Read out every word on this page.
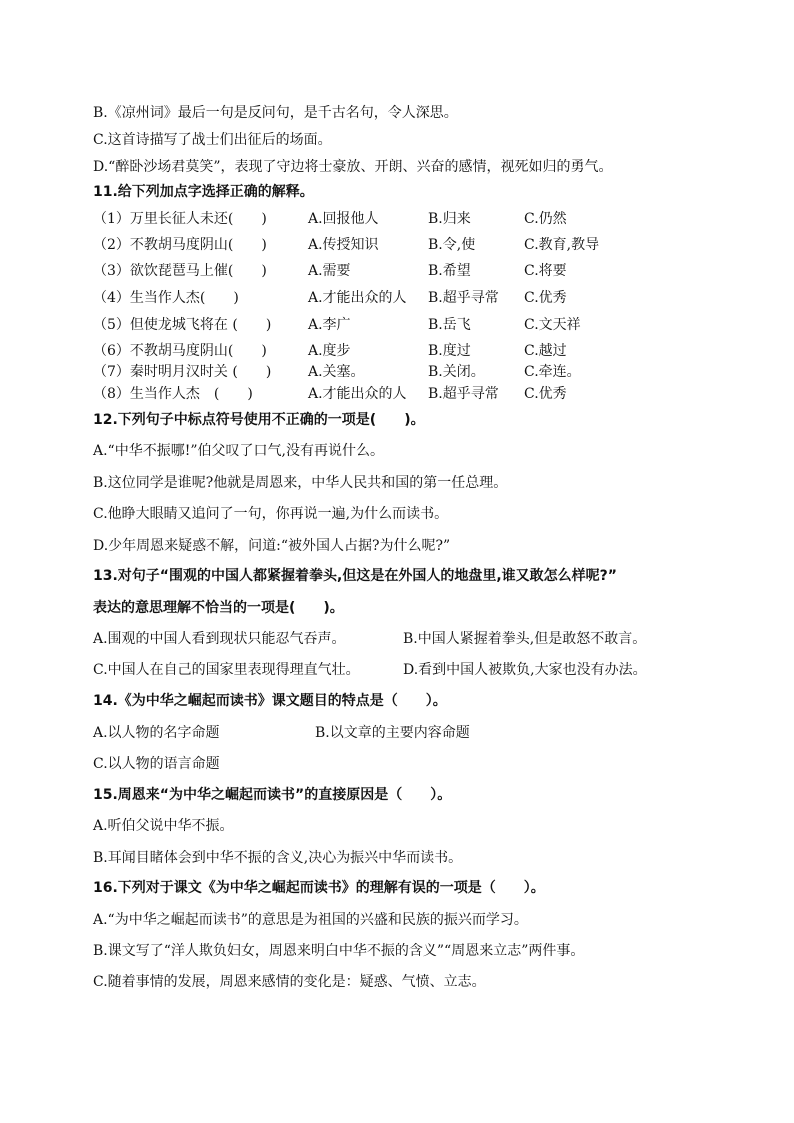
B.《凉州词》最后一句是反问句，是千古名句，令人深思。
C.这首诗描写了战士们出征后的场面。
D.“醉卧沙场君莫笑”，表现了守边将士豪放、开朗、兴奋的感情，视死如归的勇气。
11.给下列加点字选择正确的解释。
（1）万里长征人未还(　　)	A.回报他人	B.归来	C.仍然
（2）不教胡马度阴山(　　)	A.传授知识	B.令,使	C.教育,教导
（3）欲饮琵琶马上催(　　)	A.需要	B.希望	C.将要
（4）生当作人杰(　　)	A.才能出众的人 B.超乎寻常 C.优秀
（5）但使龙城飞将在 (　　)	A.李广	B.岳飞	C.文天祥
（6）不教胡马度阴山(　　)	A.度步	B.度过	C.越过
（7）秦时明月汉时关 (　　)	A.关塞。	B.关闭。	C.牵连。
（8）生当作人杰　(　　)	A.才能出众的人 B.超乎寻常 C.优秀
12.下列句子中标点符号使用不正确的一项是(　　)。
A.“中华不振哪!”伯父叹了口气,没有再说什么。
B.这位同学是谁呢?他就是周恩来，中华人民共和国的第一任总理。
C.他睁大眼睛又追问了一句，你再说一遍,为什么而读书。
D.少年周恩来疑惑不解，问道:“被外国人占据?为什么呢?”
13.对句子“围观的中国人都紧握着拳头,但这是在外国人的地盘里,谁又敢怎么样呢?”
表达的意思理解不恰当的一项是(　　)。
A.围观的中国人看到现状只能忍气吞声。	B.中国人紧握着拳头,但是敢怒不敢言。
C.中国人在自己的国家里表现得理直气壮。	D.看到中国人被欺负,大家也没有办法。
14.《为中华之崛起而读书》课文题目的特点是（　　）。
A.以人物的名字命题	B.以文章的主要内容命题
C.以人物的语言命题
15.周恩来“为中华之崛起而读书”的直接原因是（　　）。
A.听伯父说中华不振。
B.耳闻目睹体会到中华不振的含义,决心为振兴中华而读书。
16.下列对于课文《为中华之崛起而读书》的理解有误的一项是（　　）。
A.“为中华之崛起而读书”的意思是为祖国的兴盛和民族的振兴而学习。
B.课文写了“洋人欺负妇女，周恩来明白中华不振的含义”“周恩来立志”两件事。
C.随着事情的发展，周恩来感情的变化是：疑惑、气愤、立志。
